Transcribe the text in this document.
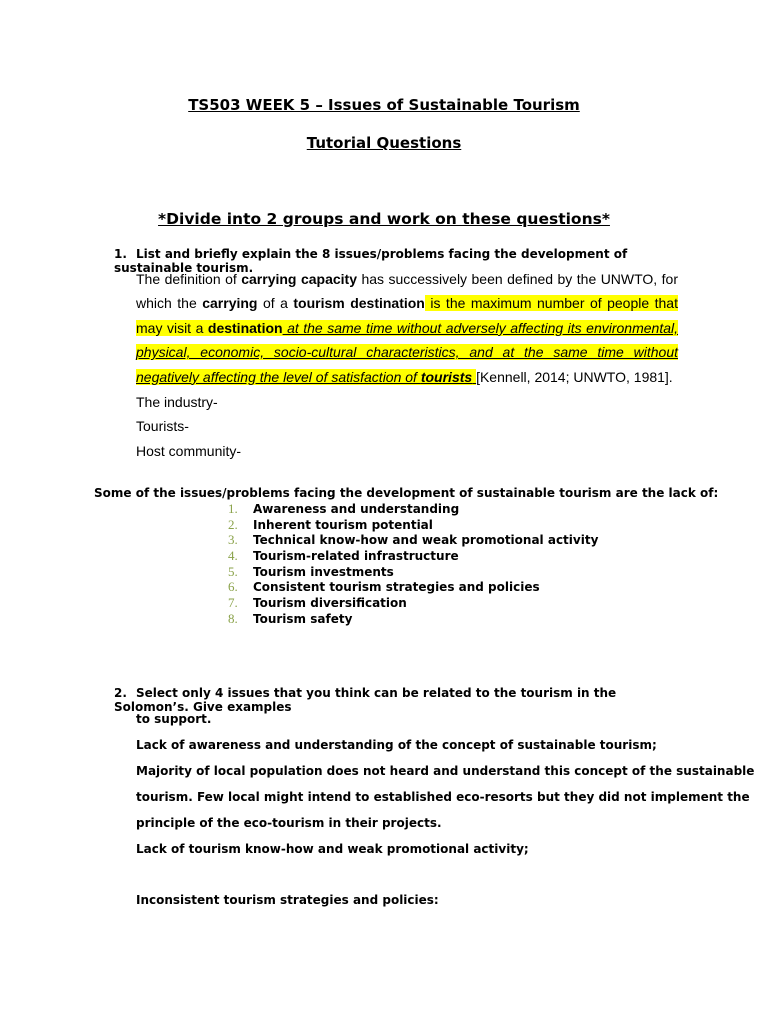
TS503 WEEK 5 – Issues of Sustainable Tourism
Tutorial Questions
*Divide into 2 groups and work on these questions*
1. List and briefly explain the 8 issues/problems facing the development of sustainable tourism.
The definition of carrying capacity has successively been defined by the UNWTO, for which the carrying of a tourism destination is the maximum number of people that may visit a destination at the same time without adversely affecting its environmental, physical, economic, socio-cultural characteristics, and at the same time without negatively affecting the level of satisfaction of tourists [Kennell, 2014; UNWTO, 1981].
The industry-
Tourists-
Host community-
Some of the issues/problems facing the development of sustainable tourism are the lack of:
1. Awareness and understanding
2. Inherent tourism potential
3. Technical know-how and weak promotional activity
4. Tourism-related infrastructure
5. Tourism investments
6. Consistent tourism strategies and policies
7. Tourism diversification
8. Tourism safety
2. Select only 4 issues that you think can be related to the tourism in the Solomon’s. Give examples
to support.
Lack of awareness and understanding of the concept of sustainable tourism;
Majority of local population does not heard and understand this concept of the sustainable
tourism. Few local might intend to established eco-resorts but they did not implement the
principle of the eco-tourism in their projects.
Lack of tourism know-how and weak promotional activity;
Inconsistent tourism strategies and policies:
